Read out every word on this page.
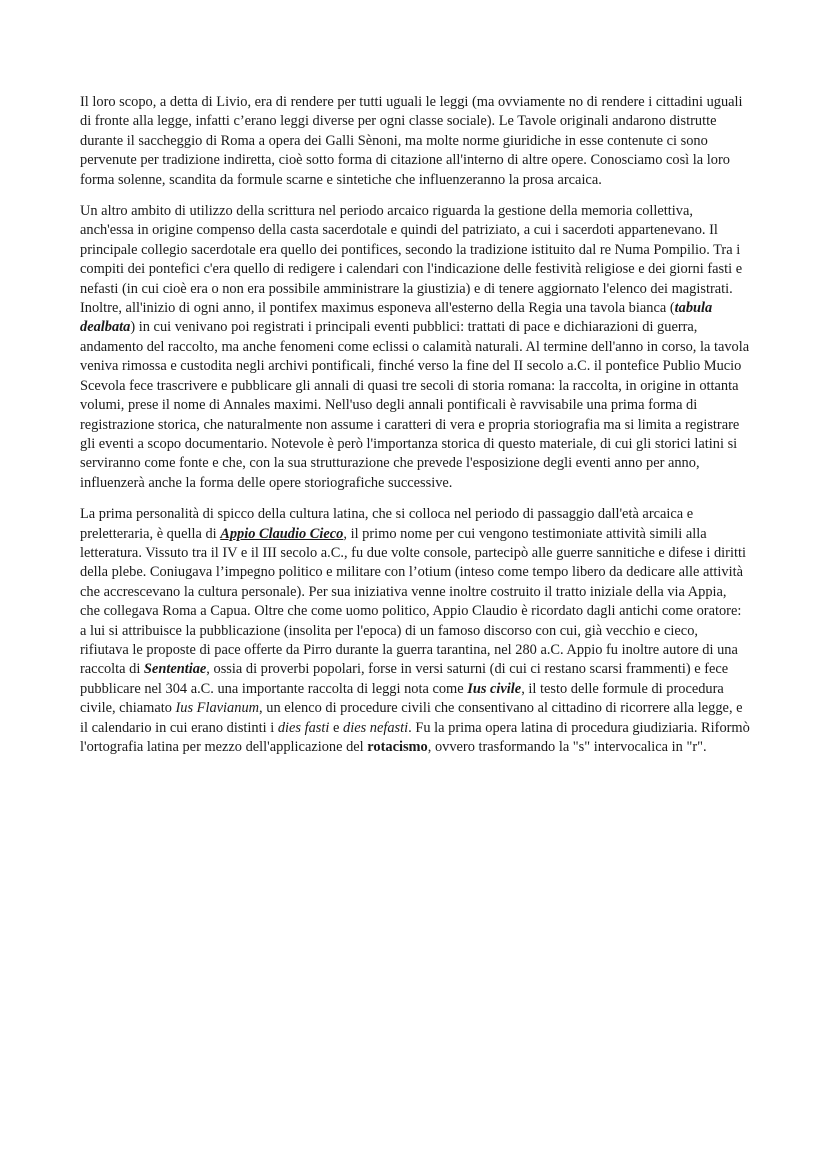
Il loro scopo, a detta di Livio, era di rendere per tutti uguali le leggi (ma ovviamente no di rendere i cittadini uguali di fronte alla legge, infatti c’erano leggi diverse per ogni classe sociale). Le Tavole originali andarono distrutte durante il saccheggio di Roma a opera dei Galli Sènoni, ma molte norme giuridiche in esse contenute ci sono pervenute per tradizione indiretta, cioè sotto forma di citazione all'interno di altre opere. Conosciamo così la loro forma solenne, scandita da formule scarne e sintetiche che influenzeranno la prosa arcaica.

Un altro ambito di utilizzo della scrittura nel periodo arcaico riguarda la gestione della memoria collettiva, anch'essa in origine compenso della casta sacerdotale e quindi del patriziato, a cui i sacerdoti appartenevano. Il principale collegio sacerdotale era quello dei pontifices, secondo la tradizione istituito dal re Numa Pompilio. Tra i compiti dei pontefici c'era quello di redigere i calendari con l'indicazione delle festività religiose e dei giorni fasti e nefasti (in cui cioè era o non era possibile amministrare la giustizia) e di tenere aggiornato l'elenco dei magistrati. Inoltre, all'inizio di ogni anno, il pontifex maximus esponeva all'esterno della Regia una tavola bianca (tabula dealbata) in cui venivano poi registrati i principali eventi pubblici: trattati di pace e dichiarazioni di guerra, andamento del raccolto, ma anche fenomeni come eclissi o calamità naturali. Al termine dell'anno in corso, la tavola veniva rimossa e custodita negli archivi pontificali, finché verso la fine del II secolo a.C. il pontefice Publio Mucio Scevola fece trascrivere e pubblicare gli annali di quasi tre secoli di storia romana: la raccolta, in origine in ottanta volumi, prese il nome di Annales maximi. Nell'uso degli annali pontificali è ravvisabile una prima forma di registrazione storica, che naturalmente non assume i caratteri di vera e propria storiografia ma si limita a registrare gli eventi a scopo documentario. Notevole è però l'importanza storica di questo materiale, di cui gli storici latini si serviranno come fonte e che, con la sua strutturazione che prevede l'esposizione degli eventi anno per anno, influenzerà anche la forma delle opere storiografiche successive.

La prima personalità di spicco della cultura latina, che si colloca nel periodo di passaggio dall'età arcaica e preletteraria, è quella di Appio Claudio Cieco, il primo nome per cui vengono testimoniate attività simili alla letteratura. Vissuto tra il IV e il III secolo a.C., fu due volte console, partecipò alle guerre sannitiche e difese i diritti della plebe. Coniugava l’impegno politico e militare con l’otium (inteso come tempo libero da dedicare alle attività che accrescevano la cultura personale). Per sua iniziativa venne inoltre costruito il tratto iniziale della via Appia, che collegava Roma a Capua. Oltre che come uomo politico, Appio Claudio è ricordato dagli antichi come oratore: a lui si attribuisce la pubblicazione (insolita per l'epoca) di un famoso discorso con cui, già vecchio e cieco, rifiutava le proposte di pace offerte da Pirro durante la guerra tarantina, nel 280 a.C. Appio fu inoltre autore di una raccolta di Sententiae, ossia di proverbi popolari, forse in versi saturni (di cui ci restano scarsi frammenti) e fece pubblicare nel 304 a.C. una importante raccolta di leggi nota come Ius civile, il testo delle formule di procedura civile, chiamato Ius Flavianum, un elenco di procedure civili che consentivano al cittadino di ricorrere alla legge, e il calendario in cui erano distinti i dies fasti e dies nefasti. Fu la prima opera latina di procedura giudiziaria. Riformò l'ortografia latina per mezzo dell'applicazione del rotacismo, ovvero trasformando la "s" intervocalica in "r".
